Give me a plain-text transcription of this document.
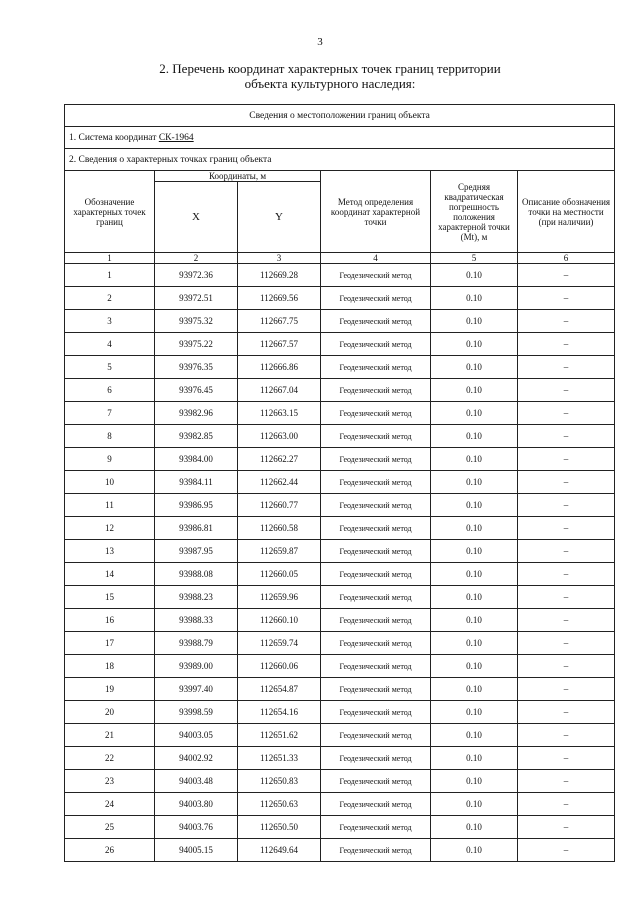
3
2. Перечень координат характерных точек границ территории
объекта культурного наследия:
Сведения о местоположении границ объекта					
1. Система координат СК-1964					
2. Сведения о характерных точках границ объекта					
Обозначение характерных точек границ	Координаты, м		Метод определения координат характерной точки	Средняя квадратическая погрешность положения характерной точки (Mt), м	Описание обозначения точки на местности (при наличии)
	X	Y			
1	2	3	4	5	6
1	93972.36	112669.28	Геодезический метод	0.10	–
2	93972.51	112669.56	Геодезический метод	0.10	–
3	93975.32	112667.75	Геодезический метод	0.10	–
4	93975.22	112667.57	Геодезический метод	0.10	–
5	93976.35	112666.86	Геодезический метод	0.10	–
6	93976.45	112667.04	Геодезический метод	0.10	–
7	93982.96	112663.15	Геодезический метод	0.10	–
8	93982.85	112663.00	Геодезический метод	0.10	–
9	93984.00	112662.27	Геодезический метод	0.10	–
10	93984.11	112662.44	Геодезический метод	0.10	–
11	93986.95	112660.77	Геодезический метод	0.10	–
12	93986.81	112660.58	Геодезический метод	0.10	–
13	93987.95	112659.87	Геодезический метод	0.10	–
14	93988.08	112660.05	Геодезический метод	0.10	–
15	93988.23	112659.96	Геодезический метод	0.10	–
16	93988.33	112660.10	Геодезический метод	0.10	–
17	93988.79	112659.74	Геодезический метод	0.10	–
18	93989.00	112660.06	Геодезический метод	0.10	–
19	93997.40	112654.87	Геодезический метод	0.10	–
20	93998.59	112654.16	Геодезический метод	0.10	–
21	94003.05	112651.62	Геодезический метод	0.10	–
22	94002.92	112651.33	Геодезический метод	0.10	–
23	94003.48	112650.83	Геодезический метод	0.10	–
24	94003.80	112650.63	Геодезический метод	0.10	–
25	94003.76	112650.50	Геодезический метод	0.10	–
26	94005.15	112649.64	Геодезический метод	0.10	–
